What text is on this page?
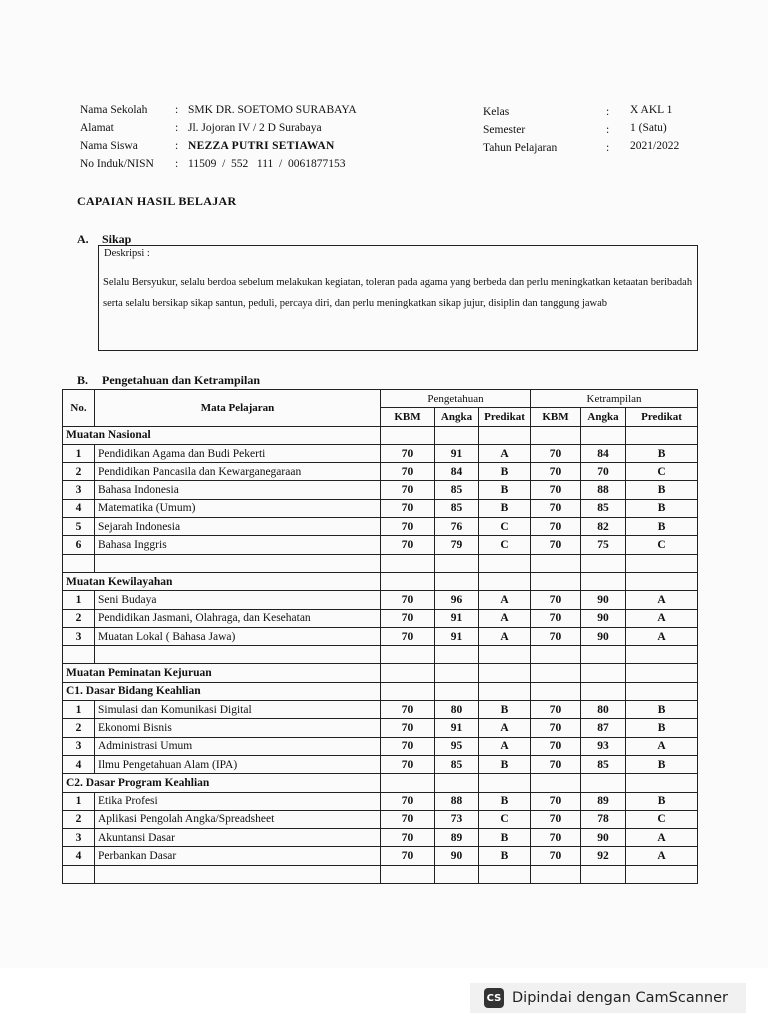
Nama Sekolah : SMK DR. SOETOMO SURABAYA
Alamat	: Jl. Jojoran IV / 2 D Surabaya
Nama Siswa	: NEZZA PUTRI SETIAWAN
No Induk/NISN : 11509  /  552   111  /  0061877153
Kelas	: X AKL 1
Semester	: 1 (Satu)
Tahun Pelajaran	: 2021/2022
CAPAIAN HASIL BELAJAR
A. Sikap
Deskripsi :
Selalu Bersyukur, selalu berdoa sebelum melakukan kegiatan, toleran pada agama yang berbeda dan perlu meningkatkan ketaatan beribadah serta selalu bersikap sikap santun, peduli, percaya diri, dan perlu meningkatkan sikap jujur, disiplin dan tanggung jawab
B. Pengetahuan dan Ketrampilan
No.	Mata Pelajaran	Pengetahuan			Ketrampilan		
		KBM	Angka	Predikat	KBM	Angka	Predikat
Muatan Nasional							
1	Pendidikan Agama dan Budi Pekerti	70	91	A	70	84	B
2	Pendidikan Pancasila dan Kewarganegaraan	70	84	B	70	70	C
3	Bahasa Indonesia	70	85	B	70	88	B
4	Matematika (Umum)	70	85	B	70	85	B
5	Sejarah Indonesia	70	76	C	70	82	B
6	Bahasa Inggris	70	79	C	70	75	C

Muatan Kewilayahan							
1	Seni Budaya	70	96	A	70	90	A
2	Pendidikan Jasmani, Olahraga, dan Kesehatan	70	91	A	70	90	A
3	Muatan Lokal ( Bahasa Jawa)	70	91	A	70	90	A

Muatan Peminatan Kejuruan							
C1. Dasar Bidang Keahlian							
1	Simulasi dan Komunikasi Digital	70	80	B	70	80	B
2	Ekonomi Bisnis	70	91	A	70	87	B
3	Administrasi Umum	70	95	A	70	93	A
4	Ilmu Pengetahuan Alam (IPA)	70	85	B	70	85	B
C2. Dasar Program Keahlian							
1	Etika Profesi	70	88	B	70	89	B
2	Aplikasi Pengolah Angka/Spreadsheet	70	73	C	70	78	C
3	Akuntansi Dasar	70	89	B	70	90	A
4	Perbankan Dasar	70	90	B	70	92	A

CS Dipindai dengan CamScanner
